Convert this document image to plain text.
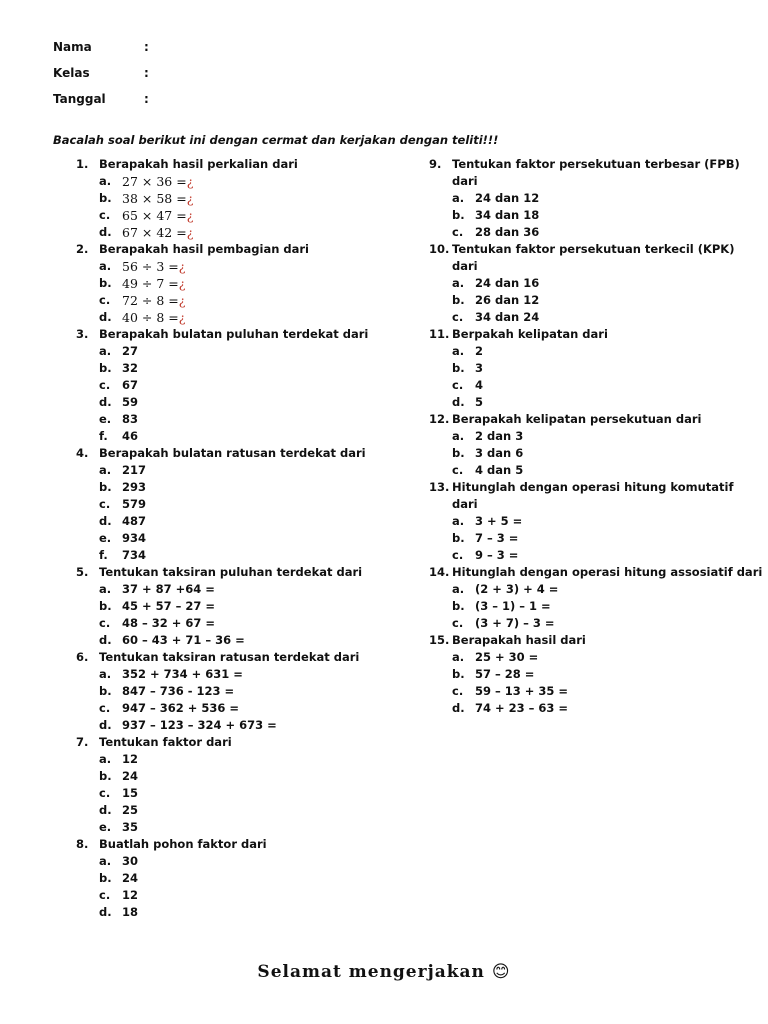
Nama	:
Kelas	:
Tanggal	:
Bacalah soal berikut ini dengan cermat dan kerjakan dengan teliti!!!
1. Berapakah hasil perkalian dari
a. 27 × 36 =¿
b. 38 × 58 =¿
c. 65 × 47 =¿
d. 67 × 42 =¿
2. Berapakah hasil pembagian dari
a. 56 ÷ 3 =¿
b. 49 ÷ 7 =¿
c. 72 ÷ 8 =¿
d. 40 ÷ 8 =¿
3. Berapakah bulatan puluhan terdekat dari
a. 27
b. 32
c. 67
d. 59
e. 83
f. 46
4. Berapakah bulatan ratusan terdekat dari
a. 217
b. 293
c. 579
d. 487
e. 934
f. 734
5. Tentukan taksiran puluhan terdekat dari
a. 37 + 87 +64 =
b. 45 + 57 – 27 =
c. 48 – 32 + 67 =
d. 60 – 43 + 71 – 36 =
6. Tentukan taksiran ratusan terdekat dari
a. 352 + 734 + 631 =
b. 847 – 736 - 123 =
c. 947 – 362 + 536 =
d. 937 – 123 – 324 + 673 =
7. Tentukan faktor dari
a. 12
b. 24
c. 15
d. 25
e. 35
8. Buatlah pohon faktor dari
a. 30
b. 24
c. 12
d. 18
9. Tentukan faktor persekutuan terbesar (FPB)
dari
a. 24 dan 12
b. 34 dan 18
c. 28 dan 36
10. Tentukan faktor persekutuan terkecil (KPK)
dari
a. 24 dan 16
b. 26 dan 12
c. 34 dan 24
11. Berpakah kelipatan dari
a. 2
b. 3
c. 4
d. 5
12. Berapakah kelipatan persekutuan dari
a. 2 dan 3
b. 3 dan 6
c. 4 dan 5
13. Hitunglah dengan operasi hitung komutatif
dari
a. 3 + 5 =
b. 7 – 3 =
c. 9 – 3 =
14. Hitunglah dengan operasi hitung assosiatif dari
a. (2 + 3) + 4 =
b. (3 – 1) – 1 =
c. (3 + 7) – 3 =
15. Berapakah hasil dari
a. 25 + 30 =
b. 57 – 28 =
c. 59 – 13 + 35 =
d. 74 + 23 – 63 =
Selamat mengerjakan 😊
